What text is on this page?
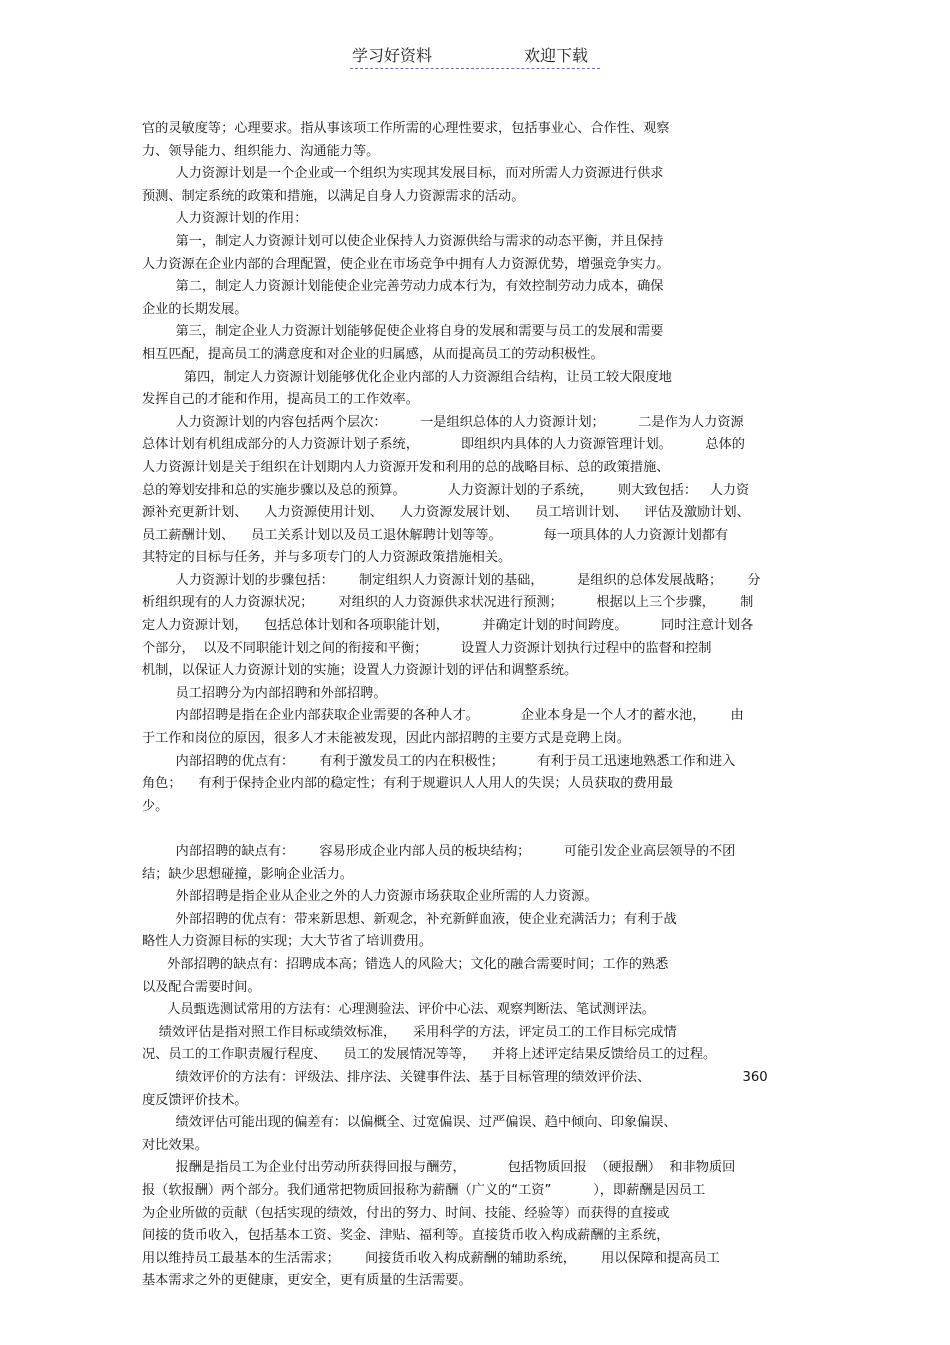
学习好资料	欢迎下载
官的灵敏度等；心理要求。指从事该项工作所需的心理性要求，包括事业心、合作性、观察
力、领导能力、组织能力、沟通能力等。
人力资源计划是一个企业或一个组织为实现其发展目标，而对所需人力资源进行供求
预测、制定系统的政策和措施，以满足自身人力资源需求的活动。
人力资源计划的作用：
第一，制定人力资源计划可以使企业保持人力资源供给与需求的动态平衡，并且保持
人力资源在企业内部的合理配置，使企业在市场竞争中拥有人力资源优势，增强竞争实力。
第二，制定人力资源计划能使企业完善劳动力成本行为，有效控制劳动力成本，确保
企业的长期发展。
第三，制定企业人力资源计划能够促使企业将自身的发展和需要与员工的发展和需要
相互匹配，提高员工的满意度和对企业的归属感，从而提高员工的劳动积极性。
第四，制定人力资源计划能够优化企业内部的人力资源组合结构，让员工较大限度地
发挥自己的才能和作用，提高员工的工作效率。
人力资源计划的内容包括两个层次：        一是组织总体的人力资源计划；        二是作为人力资源
总体计划有机组成部分的人力资源计划子系统，          即组织内具体的人力资源管理计划。        总体的
人力资源计划是关于组织在计划期内人力资源开发和利用的总的战略目标、总的政策措施、
总的筹划安排和总的实施步骤以及总的预算。          人力资源计划的子系统，      则大致包括：   人力资
源补充更新计划、    人力资源使用计划、    人力资源发展计划、    员工培训计划、    评估及激励计划、
员工薪酬计划、    员工关系计划以及员工退休解聘计划等等。          每一项具体的人力资源计划都有
其特定的目标与任务，并与多项专门的人力资源政策措施相关。
人力资源计划的步骤包括：      制定组织人力资源计划的基础，        是组织的总体发展战略；      分
析组织现有的人力资源状况；      对组织的人力资源供求状况进行预测；        根据以上三个步骤，      制
定人力资源计划，    包括总体计划和各项职能计划，        并确定计划的时间跨度。        同时注意计划各
个部分，  以及不同职能计划之间的衔接和平衡；        设置人力资源计划执行过程中的监督和控制
机制，以保证人力资源计划的实施；设置人力资源计划的评估和调整系统。
员工招聘分为内部招聘和外部招聘。
内部招聘是指在企业内部获取企业需要的各种人才。          企业本身是一个人才的蓄水池，      由
于工作和岗位的原因，很多人才未能被发现，因此内部招聘的主要方式是竞聘上岗。
内部招聘的优点有：      有利于激发员工的内在积极性；        有利于员工迅速地熟悉工作和进入
角色；    有利于保持企业内部的稳定性；有利于规避识人人用人的失误；人员获取的费用最
少。
内部招聘的缺点有：      容易形成企业内部人员的板块结构；        可能引发企业高层领导的不团
结；缺少思想碰撞，影响企业活力。
外部招聘是指企业从企业之外的人力资源市场获取企业所需的人力资源。
外部招聘的优点有：带来新思想、新观念，补充新鲜血液，使企业充满活力；有利于战
略性人力资源目标的实现；大大节省了培训费用。
外部招聘的缺点有：招聘成本高；错选人的风险大；文化的融合需要时间；工作的熟悉
以及配合需要时间。
人员甄选测试常用的方法有：心理测验法、评价中心法、观察判断法、笔试测评法。
绩效评估是指对照工作目标或绩效标准，    采用科学的方法，评定员工的工作目标完成情
况、员工的工作职责履行程度、    员工的发展情况等等，    并将上述评定结果反馈给员工的过程。
绩效评价的方法有：评级法、排序法、关键事件法、基于目标管理的绩效评价法、                      360
度反馈评价技术。
绩效评估可能出现的偏差有：以偏概全、过宽偏误、过严偏误、趋中倾向、印象偏误、
对比效果。
报酬是指员工为企业付出劳动所获得回报与酬劳，          包括物质回报  （硬报酬）  和非物质回
报（软报酬）两个部分。我们通常把物质回报称为薪酬（广义的“工资”          ），即薪酬是因员工
为企业所做的贡献（包括实现的绩效，付出的努力、时间、技能、经验等）而获得的直接或
间接的货币收入，包括基本工资、奖金、津贴、福利等。直接货币收入构成薪酬的主系统，
用以维持员工最基本的生活需求；      间接货币收入构成薪酬的辅助系统，      用以保障和提高员工
基本需求之外的更健康，更安全，更有质量的生活需要。
